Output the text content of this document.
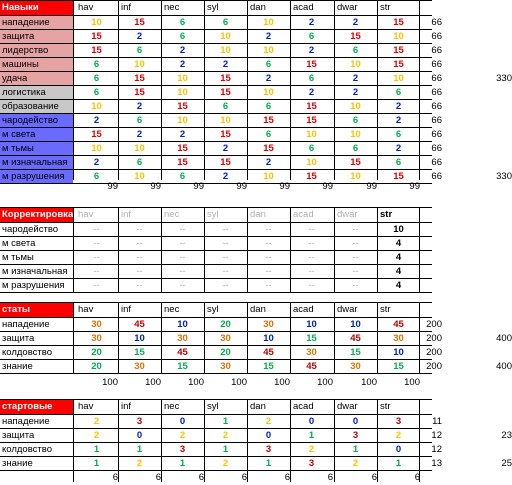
Навыки	hav	inf	nec	syl	dan	acad	dwar	str
нападение	10	15	6	6	10	2	2	15	66
защита	15	2	6	10	2	6	15	10	66
лидерство	15	6	2	10	10	2	6	15	66
машины	6	10	2	2	6	15	10	15	66
удача	6	15	10	15	2	6	2	10	66	330
логистика	6	15	10	15	10	2	2	6	66
образование	10	2	15	6	6	15	10	2	66
чародейство	2	6	10	10	15	15	6	2	66
м света	15	2	2	15	6	10	10	6	66
м тьмы	10	10	15	2	15	6	6	2	66
м изначальная	2	6	15	15	2	10	15	6	66
м разрушения	6	10	6	2	10	15	10	15	66	330
99	99	99	99	99	99	99	99
Корректировка hav	inf	nec	syl	dan	acad	dwar	str
чародейство	--	--	--	--	--	--	--	10
м света	--	--	--	--	--	--	--	4
м тьмы	--	--	--	--	--	--	--	4
м изначальная	--	--	--	--	--	--	--	4
м разрушения	--	--	--	--	--	--	--	4
статы	hav	inf	nec	syl	dan	acad	dwar	str
нападение	30	45	10	20	30	10	10	45	200
защита	30	10	30	30	10	15	45	30	200	400
колдовство	20	15	45	20	45	30	15	10	200
знание	20	30	15	30	15	45	30	15	200	400
100	100	100	100	100	100	100	100
стартовые	hav	inf	nec	syl	dan	acad	dwar	str
нападение	2	3	0	1	2	0	0	3	11
защита	2	0	2	2	0	1	3	2	12	23
колдовство	1	1	3	1	3	2	1	0	12
знание	1	2	1	2	1	3	2	1	13	25
6	6	6	6	6	6	6	6
